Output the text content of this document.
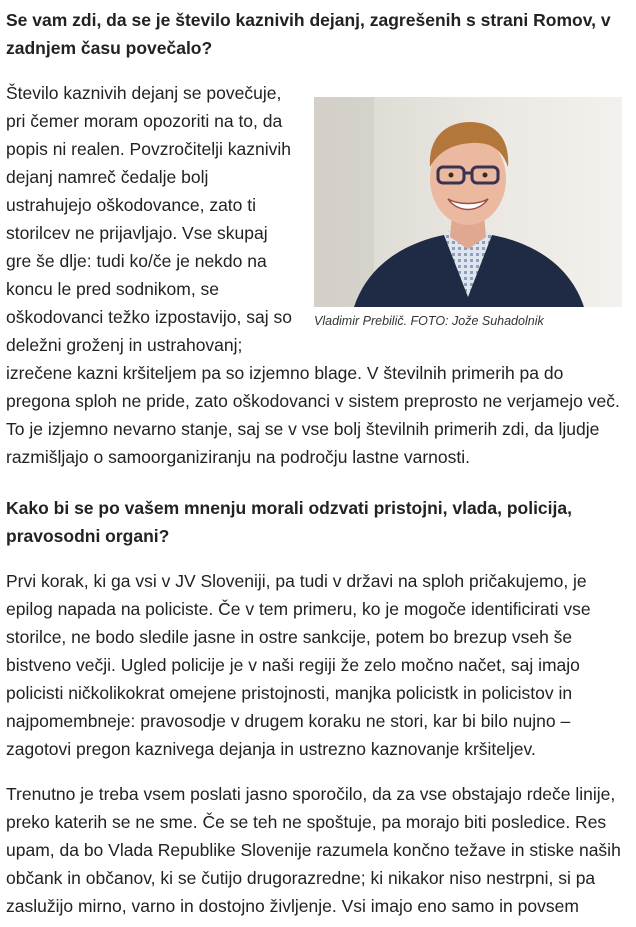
Se vam zdi, da se je število kaznivih dejanj, zagrešenih s strani Romov, v zadnjem času povečalo?
Vladimir Prebilič. FOTO: Jože Suhadolnik
Število kaznivih dejanj se povečuje, pri čemer moram opozoriti na to, da popis ni realen. Povzročitelji kaznivih dejanj namreč čedalje bolj ustrahujejo oškodovance, zato ti storilcev ne prijavljajo. Vse skupaj gre še dlje: tudi ko/če je nekdo na koncu le pred sodnikom, se oškodovanci težko izpostavijo, saj so deležni groženj in ustrahovanj; izrečene kazni kršiteljem pa so izjemno blage. V številnih primerih pa do pregona sploh ne pride, zato oškodovanci v sistem preprosto ne verjamejo več. To je izjemno nevarno stanje, saj se v vse bolj številnih primerih zdi, da ljudje razmišljajo o samoorganiziranju na področju lastne varnosti.
Kako bi se po vašem mnenju morali odzvati pristojni, vlada, policija, pravosodni organi?
Prvi korak, ki ga vsi v JV Sloveniji, pa tudi v državi na sploh pričakujemo, je epilog napada na policiste. Če v tem primeru, ko je mogoče identificirati vse storilce, ne bodo sledile jasne in ostre sankcije, potem bo brezup vseh še bistveno večji. Ugled policije je v naši regiji že zelo močno načet, saj imajo policisti ničkolikokrat omejene pristojnosti, manjka policistk in policistov in najpomembneje: pravosodje v drugem koraku ne stori, kar bi bilo nujno – zagotovi pregon kaznivega dejanja in ustrezno kaznovanje kršiteljev.
Trenutno je treba vsem poslati jasno sporočilo, da za vse obstajajo rdeče linije, preko katerih se ne sme. Če se teh ne spoštuje, pa morajo biti posledice. Res upam, da bo Vlada Republike Slovenije razumela končno težave in stiske naših občank in občanov, ki se čutijo drugorazredne; ki nikakor niso nestrpni, si pa zaslužijo mirno, varno in dostojno življenje. Vsi imajo eno samo in povsem
